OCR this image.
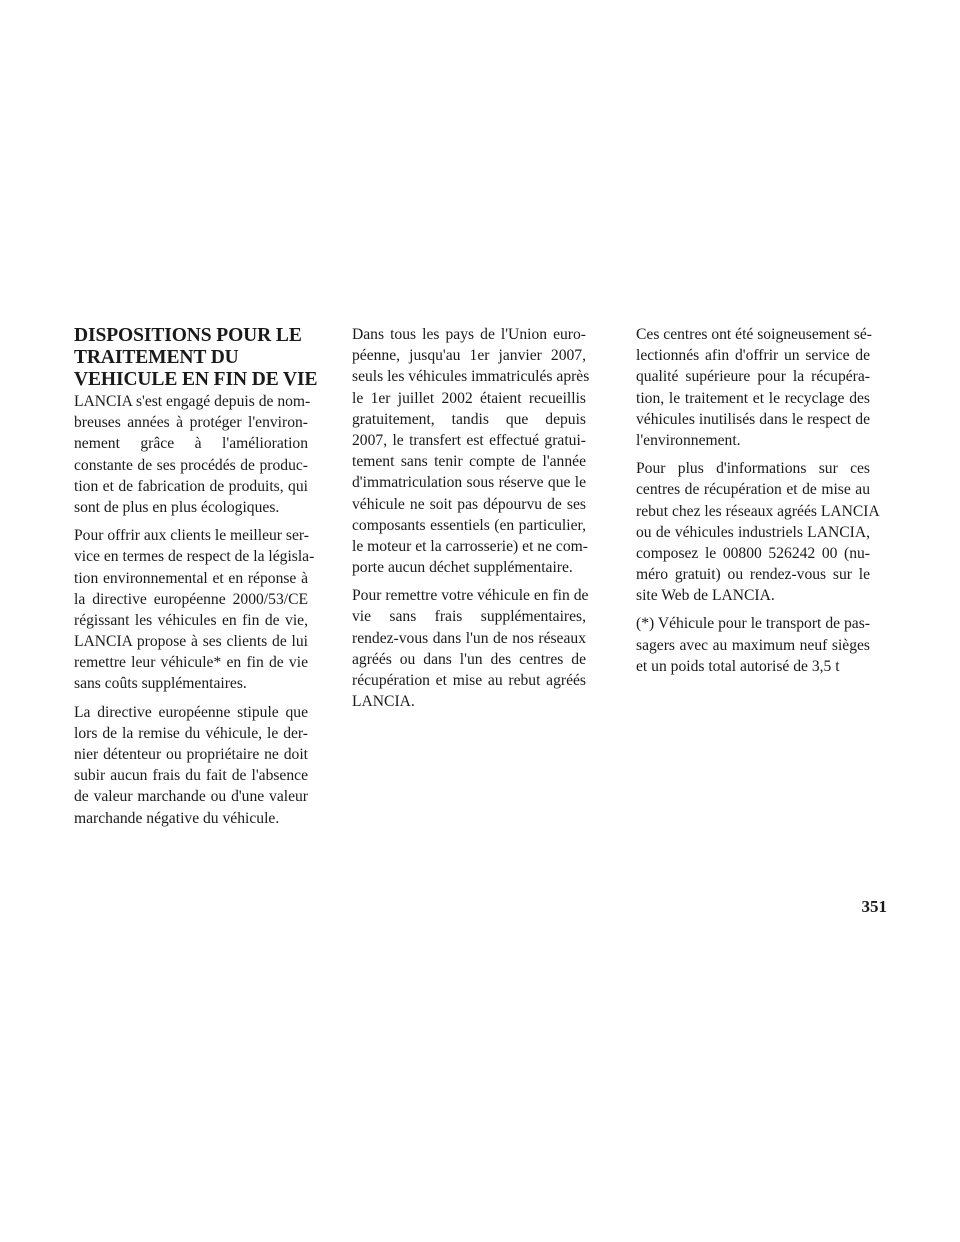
DISPOSITIONS POUR LE
TRAITEMENT DU
VEHICULE EN FIN DE VIE
LANCIA s'est engagé depuis de nom-
breuses années à protéger l'environ-
nement grâce à l'amélioration
constante de ses procédés de produc-
tion et de fabrication de produits, qui
sont de plus en plus écologiques.
Pour offrir aux clients le meilleur ser-
vice en termes de respect de la législa-
tion environnemental et en réponse à
la directive européenne 2000/53/CE
régissant les véhicules en fin de vie,
LANCIA propose à ses clients de lui
remettre leur véhicule* en fin de vie
sans coûts supplémentaires.
La directive européenne stipule que
lors de la remise du véhicule, le der-
nier détenteur ou propriétaire ne doit
subir aucun frais du fait de l'absence
de valeur marchande ou d'une valeur
marchande négative du véhicule.
Dans tous les pays de l'Union euro-
péenne, jusqu'au 1er janvier 2007,
seuls les véhicules immatriculés après
le 1er juillet 2002 étaient recueillis
gratuitement, tandis que depuis
2007, le transfert est effectué gratui-
tement sans tenir compte de l'année
d'immatriculation sous réserve que le
véhicule ne soit pas dépourvu de ses
composants essentiels (en particulier,
le moteur et la carrosserie) et ne com-
porte aucun déchet supplémentaire.
Pour remettre votre véhicule en fin de
vie sans frais supplémentaires,
rendez-vous dans l'un de nos réseaux
agréés ou dans l'un des centres de
récupération et mise au rebut agréés
LANCIA.
Ces centres ont été soigneusement sé-
lectionnés afin d'offrir un service de
qualité supérieure pour la récupéra-
tion, le traitement et le recyclage des
véhicules inutilisés dans le respect de
l'environnement.
Pour plus d'informations sur ces
centres de récupération et de mise au
rebut chez les réseaux agréés LANCIA
ou de véhicules industriels LANCIA,
composez le 00800 526242 00 (nu-
méro gratuit) ou rendez-vous sur le
site Web de LANCIA.
(*) Véhicule pour le transport de pas-
sagers avec au maximum neuf sièges
et un poids total autorisé de 3,5 t
351
